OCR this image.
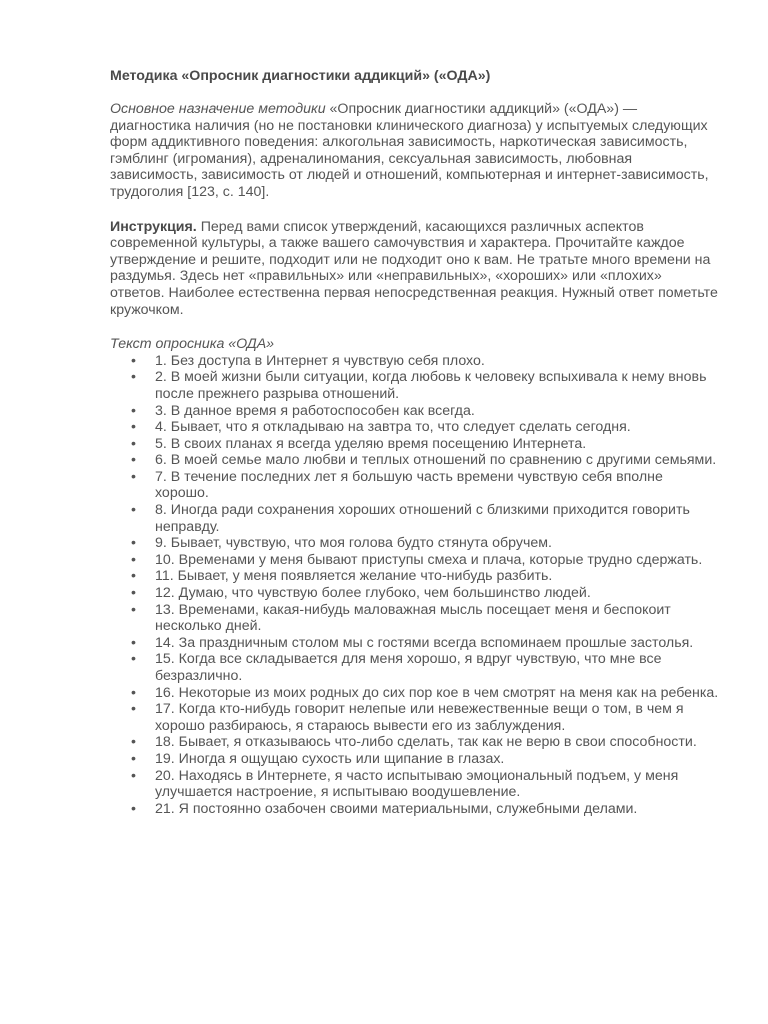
Методика «Опросник диагностики аддикций» («ОДА»)

Основное назначение методики «Опросник диагностики аддикций» («ОДА») — диагностика наличия (но не постановки клинического диагноза) у испытуемых следующих форм аддиктивного поведения: алкогольная зависимость, наркотическая зависимость, гэмблинг (игромания), адреналиномания, сексуальная зависимость, любовная зависимость, зависимость от людей и отношений, компьютерная и интернет-зависимость, трудоголия [123, с. 140].

Инструкция. Перед вами список утверждений, касающихся различных аспектов современной культуры, а также вашего самочувствия и характера. Прочитайте каждое утверждение и решите, подходит или не подходит оно к вам. Не тратьте много времени на раздумья. Здесь нет «правильных» или «неправильных», «хороших» или «плохих» ответов. Наиболее естественна первая непосредственная реакция. Нужный ответ пометьте кружочком.

Текст опросника «ОДА»

• 1. Без доступа в Интернет я чувствую себя плохо.
• 2. В моей жизни были ситуации, когда любовь к человеку вспыхивала к нему вновь после прежнего разрыва отношений.
• 3. В данное время я работоспособен как всегда.
• 4. Бывает, что я откладываю на завтра то, что следует сделать сегодня.
• 5. В своих планах я всегда уделяю время посещению Интернета.
• 6. В моей семье мало любви и теплых отношений по сравнению с другими семьями.
• 7. В течение последних лет я большую часть времени чувствую себя вполне хорошо.
• 8. Иногда ради сохранения хороших отношений с близкими приходится говорить неправду.
• 9. Бывает, чувствую, что моя голова будто стянута обручем.
• 10. Временами у меня бывают приступы смеха и плача, которые трудно сдержать.
• 11. Бывает, у меня появляется желание что-нибудь разбить.
• 12. Думаю, что чувствую более глубоко, чем большинство людей.
• 13. Временами, какая-нибудь маловажная мысль посещает меня и беспокоит несколько дней.
• 14. За праздничным столом мы с гостями всегда вспоминаем прошлые застолья.
• 15. Когда все складывается для меня хорошо, я вдруг чувствую, что мне все безразлично.
• 16. Некоторые из моих родных до сих пор кое в чем смотрят на меня как на ребенка.
• 17. Когда кто-нибудь говорит нелепые или невежественные вещи о том, в чем я хорошо разбираюсь, я стараюсь вывести его из заблуждения.
• 18. Бывает, я отказываюсь что-либо сделать, так как не верю в свои способности.
• 19. Иногда я ощущаю сухость или щипание в глазах.
• 20. Находясь в Интернете, я часто испытываю эмоциональный подъем, у меня улучшается настроение, я испытываю воодушевление.
• 21. Я постоянно озабочен своими материальными, служебными делами.
